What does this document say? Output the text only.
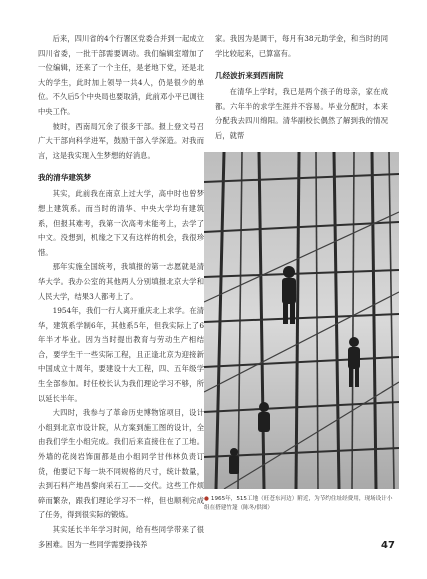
后来，四川省的4个行署区党委合并到一起成立四川省委，一批干部需要调动。我们编辑室增加了一位编辑，还来了一个主任，是老地下党，还是北大的学生，此时加上领导一共4人，仍是很少的单位。不久后5个中央局也要取消，此前邓小平已调往中央工作。

彼时，西南局冗余了很多干部。报上登文号召广大干部向科学进军，鼓励干部入学深造。对我而言，这是我实现入生梦想的好消息。

我的清华建筑梦

其实，此前我在南京上过大学，高中时也曾梦想上建筑系。而当时的清华、中央大学均有建筑系，但报其难考，我第一次高考未能考上，去学了中文。没想到，机缘之下又有这样的机会，我很珍惜。

那年实施全国统考，我填报的第一志愿就是清华大学。我办公室的其他两人分别填报北京大学和人民大学，结果3人都考上了。

1954年，我们一行人离开重庆北上求学。在清华，建筑系学制6年，其他系5年，但我实际上了6年半才毕业。因为当时提出教育与劳动生产相结合，要学生干一些实际工程，且正逢北京为迎接新中国成立十周年，要建设十大工程，四、五年级学生全部参加。时任校长认为我们理论学习不够，所以延长半年。

大四时，我参与了革命历史博物馆项目，设计小组到北京市设计院，从方案到施工图的设计，全由我们学生小组完成。我们后来直接住在了工地。外墙的花岗岩饰面都是由小组同学甘伟林负责订货，他要记下每一块不同规格的尺寸，统计数量，去到石料产地昌黎向采石工——交代。这些工作烦碎而繁杂，跟我们理论学习不一样，但也顺利完成了任务，得到很实际的锻炼。

其实延长半年学习时间，给有些同学带来了很多困难。因为一些同学需要挣钱养

家。我因为是调干，每月有38元助学金，和当时的同学比较起来，已算富有。

几经波折来到西南院

在清华上学时，我已是两个孩子的母亲，家在成都。六年半的求学生涯并不容易。毕业分配时，本来分配我去四川绵阳。清华副校长偶然了解到我的情况后，就帮

● 1965年，515工地（旺苍东河边）附近，为节约住址经费用，现场设计小组在搭建竹篷（陈冬/供图）
47
